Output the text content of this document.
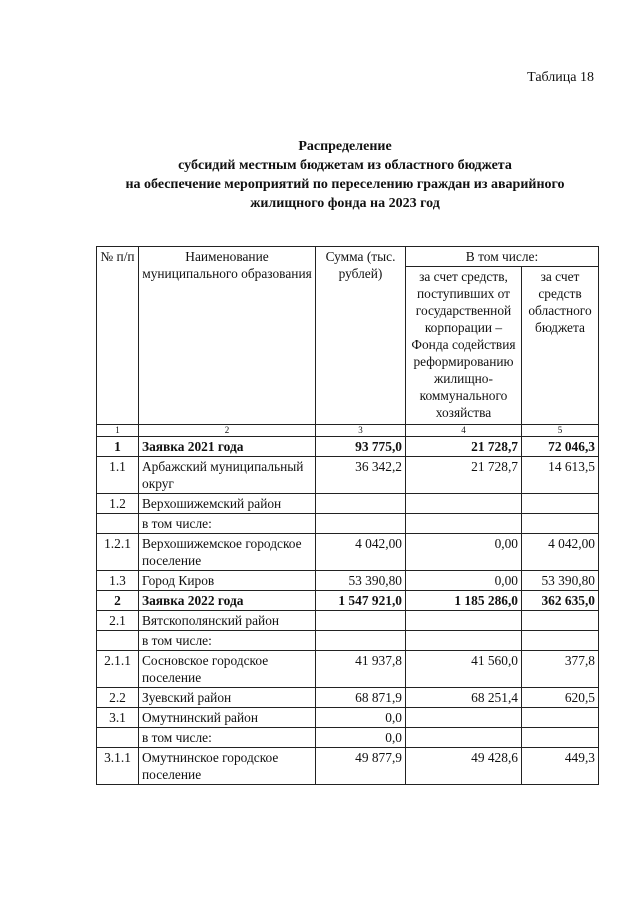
Таблица 18
Распределение
субсидий местным бюджетам из областного бюджета
на обеспечение мероприятий по переселению граждан из аварийного
жилищного фонда на 2023 год
№ п/п	Наименование муниципального образования	Сумма (тыс. рублей)	В том числе:	
			за счет средств, поступивших от государственной корпорации – Фонда содействия реформированию жилищно-коммунального хозяйства	за счет средств областного бюджета
1	2	3	4	5
1	Заявка 2021 года	93 775,0	21 728,7	72 046,3
1.1	Арбажский муниципальный округ	36 342,2	21 728,7	14 613,5
1.2	Верхошижемский район			
	в том числе:			
1.2.1	Верхошижемское городское поселение	4 042,00	0,00	4 042,00
1.3	Город Киров	53 390,80	0,00	53 390,80
2	Заявка 2022 года	1 547 921,0	1 185 286,0	362 635,0
2.1	Вятскополянский район			
	в том числе:			
2.1.1	Сосновское городское поселение	41 937,8	41 560,0	377,8
2.2	Зуевский район	68 871,9	68 251,4	620,5
3.1	Омутнинский район	0,0		
	в том числе:	0,0		
3.1.1	Омутнинское городское поселение	49 877,9	49 428,6	449,3
